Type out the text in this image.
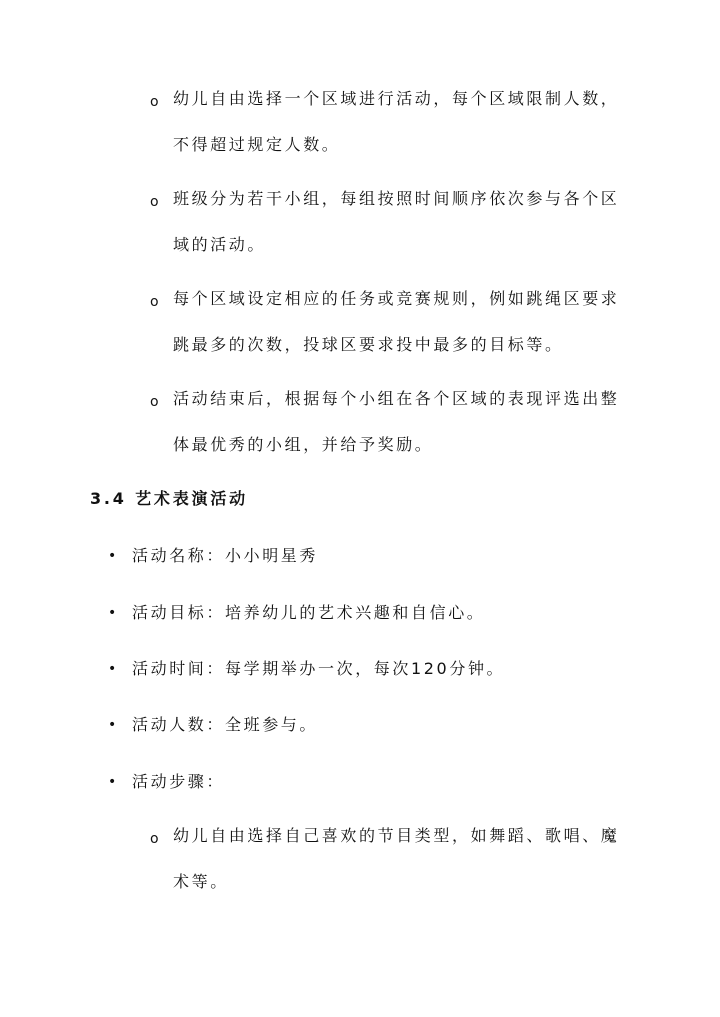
o 幼儿自由选择一个区域进行活动，每个区域限制人数，不得超过规定人数。
o 班级分为若干小组，每组按照时间顺序依次参与各个区域的活动。
o 每个区域设定相应的任务或竞赛规则，例如跳绳区要求跳最多的次数，投球区要求投中最多的目标等。
o 活动结束后，根据每个小组在各个区域的表现评选出整体最优秀的小组，并给予奖励。
3.4 艺术表演活动
• 活动名称：小小明星秀
• 活动目标：培养幼儿的艺术兴趣和自信心。
• 活动时间：每学期举办一次，每次120分钟。
• 活动人数：全班参与。
• 活动步骤：
o 幼儿自由选择自己喜欢的节目类型，如舞蹈、歌唱、魔术等。
